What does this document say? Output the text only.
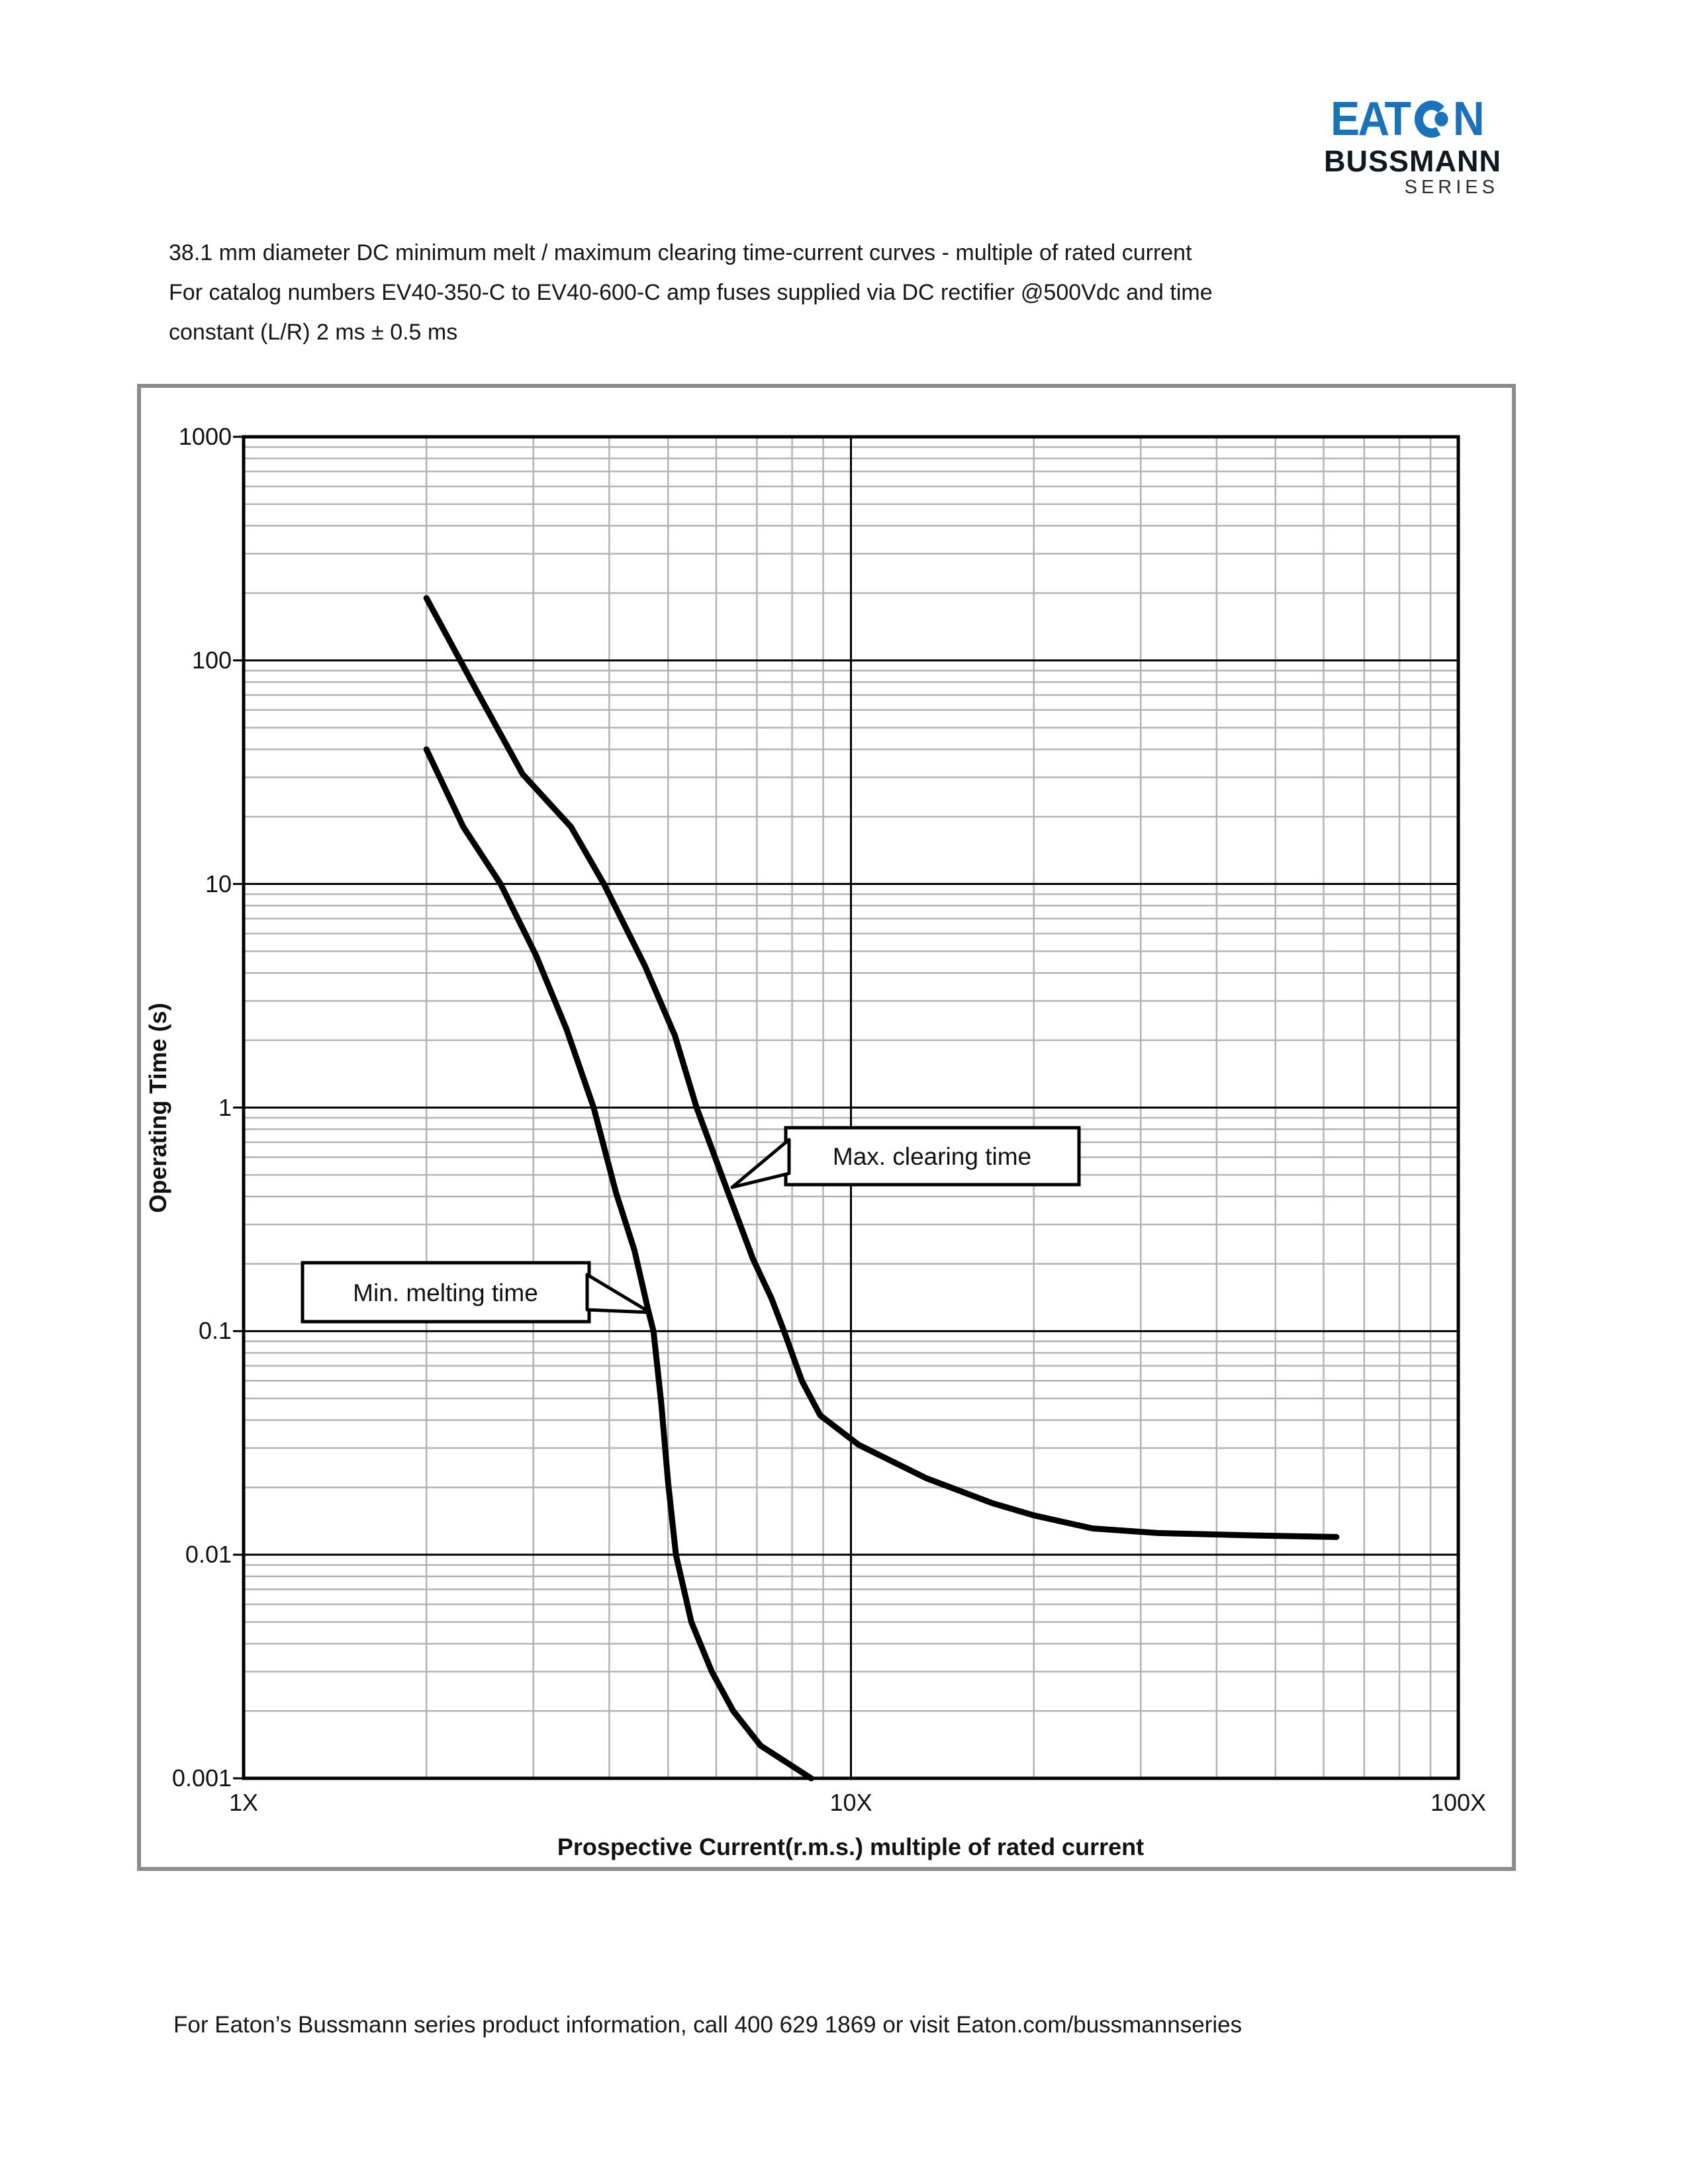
EAT N
BUSSMANN
SERIES
38.1 mm diameter DC minimum melt / maximum clearing time-current curves - multiple of rated current
For catalog numbers EV40-350-C to EV40-600-C amp fuses supplied via DC rectifier @500Vdc and time
constant (L/R) 2 ms ± 0.5 ms
Min. melting time
Max. clearing time
1000
100
10
1
0.1
0.01
0.001
1X	10X	100X
Operating Time (s)
Prospective Current(r.m.s.) multiple of rated current
For Eaton’s Bussmann series product information, call 400 629 1869 or visit Eaton.com/bussmannseries
